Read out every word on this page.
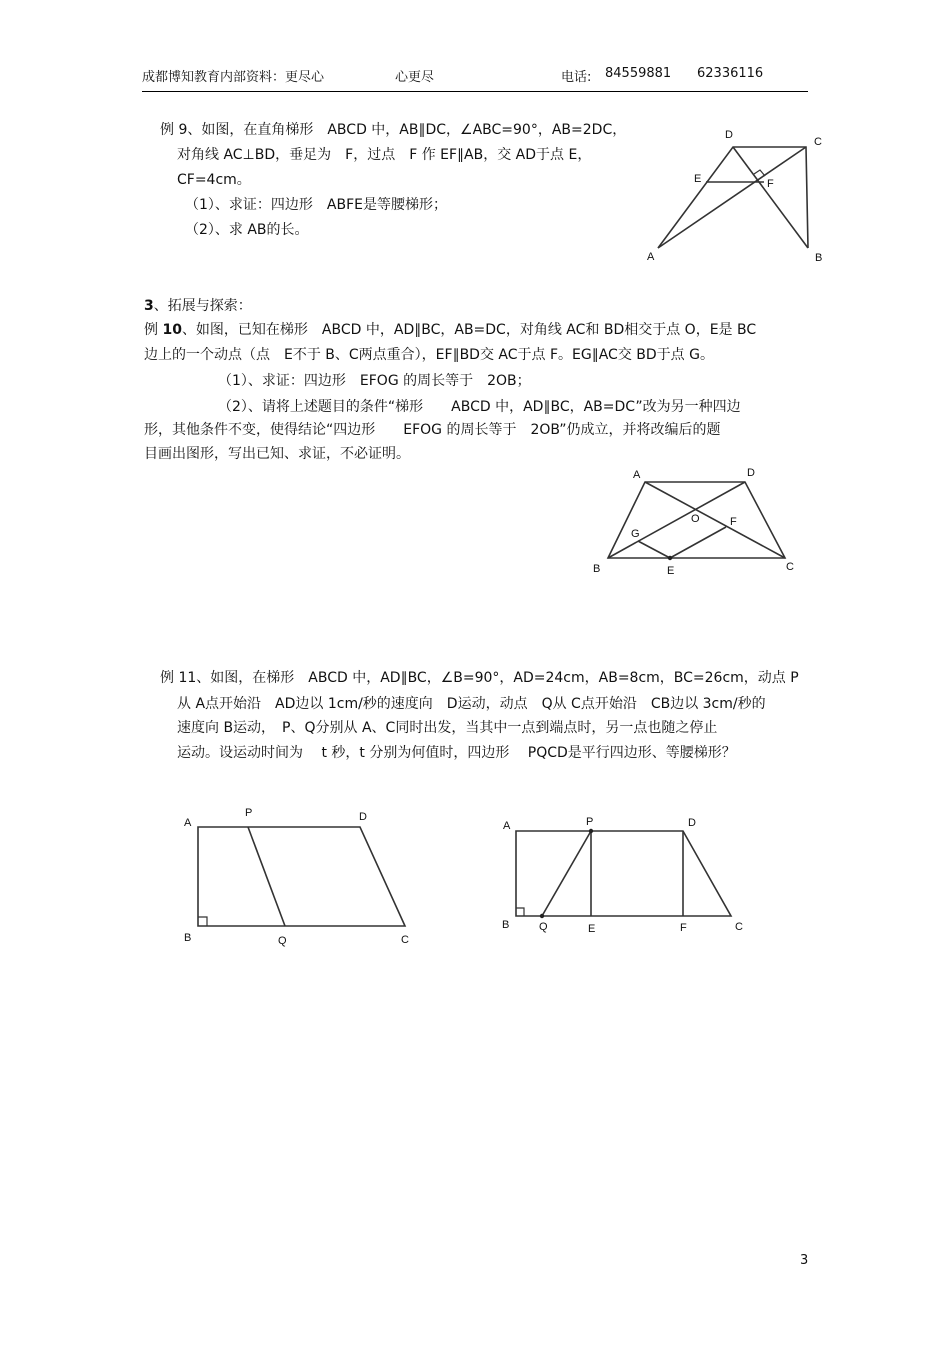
成都博知教育内部资料：更尽心	心更尽	电话: 84559881 62336116
例 9、如图，在直角梯形　ABCD 中，AB∥DC，∠ABC=90°，AB=2DC，
对角线 AC⊥BD，垂足为　F，过点　F 作 EF∥AB，交 AD于点 E，
CF=4cm。
（1）、求证：四边形　ABFE是等腰梯形；
（2）、求 AB的长。
D
C
E	F
A	B
3、拓展与探索：
例 10、如图，已知在梯形　ABCD 中，AD∥BC，AB=DC，对角线 AC和 BD相交于点 O，E是 BC
边上的一个动点（点　E不于 B、C两点重合），EF∥BD交 AC于点 F。EG∥AC交 BD于点 G。
（1）、求证：四边形　EFOG 的周长等于　2OB；
（2）、请将上述题目的条件“梯形　　ABCD 中，AD∥BC，AB=DC”改为另一种四边
形，其他条件不变，使得结论“四边形　　EFOG 的周长等于　2OB”仍成立，并将改编后的题
目画出图形，写出已知、求证，不必证明。
A	D
O	F
G
B	E	C
例 11、如图，在梯形　ABCD 中，AD∥BC，∠B=90°，AD=24cm，AB=8cm，BC=26cm，动点 P
从 A点开始沿　AD边以 1cm/秒的速度向　D运动，动点　Q从 C点开始沿　CB边以 3cm/秒的
速度向 B运动，　P、Q分别从 A、C同时出发，当其中一点到端点时，另一点也随之停止
运动。设运动时间为　 t 秒，t 分别为何值时，四边形　 PQCD是平行四边形、等腰梯形？
A
P	D
B	Q	C
A	P	D
B	Q	E	F	C
3
